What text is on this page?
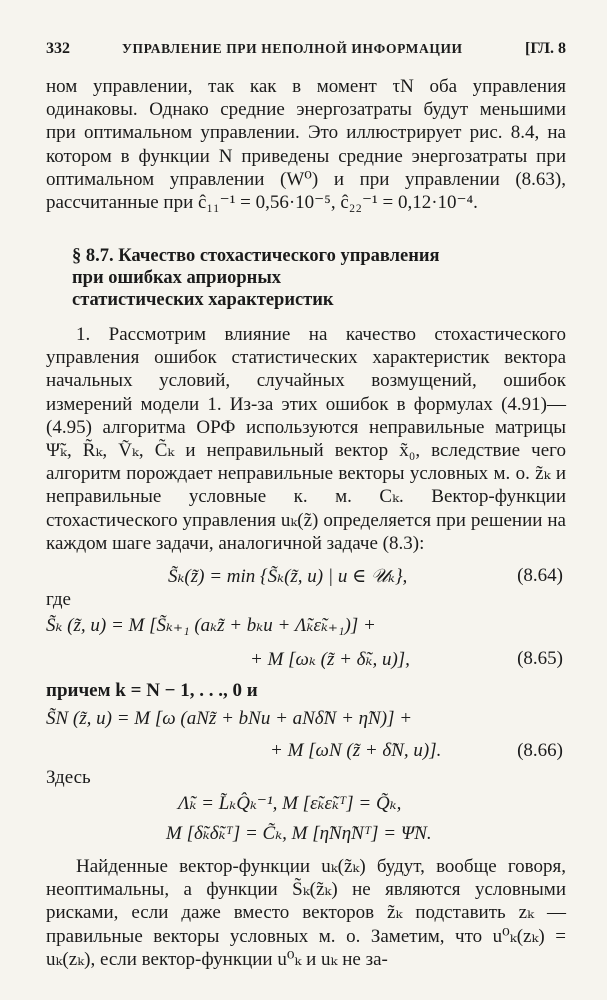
332	УПРАВЛЕНИЕ ПРИ НЕПОЛНОЙ ИНФОРМАЦИИ	[ГЛ. 8
ном управлении, так как в момент τN оба управления одинаковы. Однако средние энергозатраты будут меньшими при оптимальном управлении. Это иллюстрирует рис. 8.4, на котором в функции N приведены средние энергозатраты при оптимальном управлении (W⁰) и при управлении (8.63), рассчитанные при ĉ₁₁⁻¹ = 0,56·10⁻⁵, ĉ₂₂⁻¹ = 0,12·10⁻⁴.
§ 8.7. Качество стохастического управления
при ошибках априорных
статистических характеристик
1. Рассмотрим влияние на качество стохастического управления ошибок статистических характеристик вектора начальных условий, случайных возмущений, ошибок измерений модели 1. Из-за этих ошибок в формулах (4.91)—(4.95) алгоритма ОРФ используются неправильные матрицы Ψ̃ₖ, R̃ₖ, Ṽₖ, C̃ₖ и неправильный вектор x̃₀, вследствие чего алгоритм порождает неправильные векторы условных м. о. z̃ₖ и неправильные условные к. м. Cₖ. Вектор-функции стохастического управления uₖ(z̃) определяется при решении на каждом шаге задачи, аналогичной задаче (8.3):
S̃ₖ(z̃) = min {S̃ₖ(z̃, u) | u ∈ 𝒰ₖ},	(8.64)
где
S̃ₖ (z̃, u) = M [S̃ₖ₊₁ (aₖz̃ + bₖu + Λ̃ₖε̃ₖ₊₁)] +
+ M [ωₖ (z̃ + δ̃ₖ, u)],	(8.65)
причем k = N − 1, . . ., 0 и
S̃N (z̃, u) = M [ω (aNz̃ + bNu + aNδ̃N + η̃N)] +
+ M [ωN (z̃ + δ̃N, u)].	(8.66)
Здесь
Λ̃ₖ = L̃ₖQ̂ₖ⁻¹, M [ε̃ₖε̃ₖᵀ] = Q̃ₖ,
M [δ̃ₖδ̃ₖᵀ] = C̃ₖ, M [η̃Nη̃Nᵀ] = Ψ̃N.
Найденные вектор-функции uₖ(z̃ₖ) будут, вообще говоря, неоптимальны, а функции S̃ₖ(z̃ₖ) не являются условными рисками, если даже вместо векторов z̃ₖ подставить zₖ — правильные векторы условных м. о. Заметим, что u⁰ₖ(zₖ) = uₖ(zₖ), если вектор-функции u⁰ₖ и uₖ не за-
